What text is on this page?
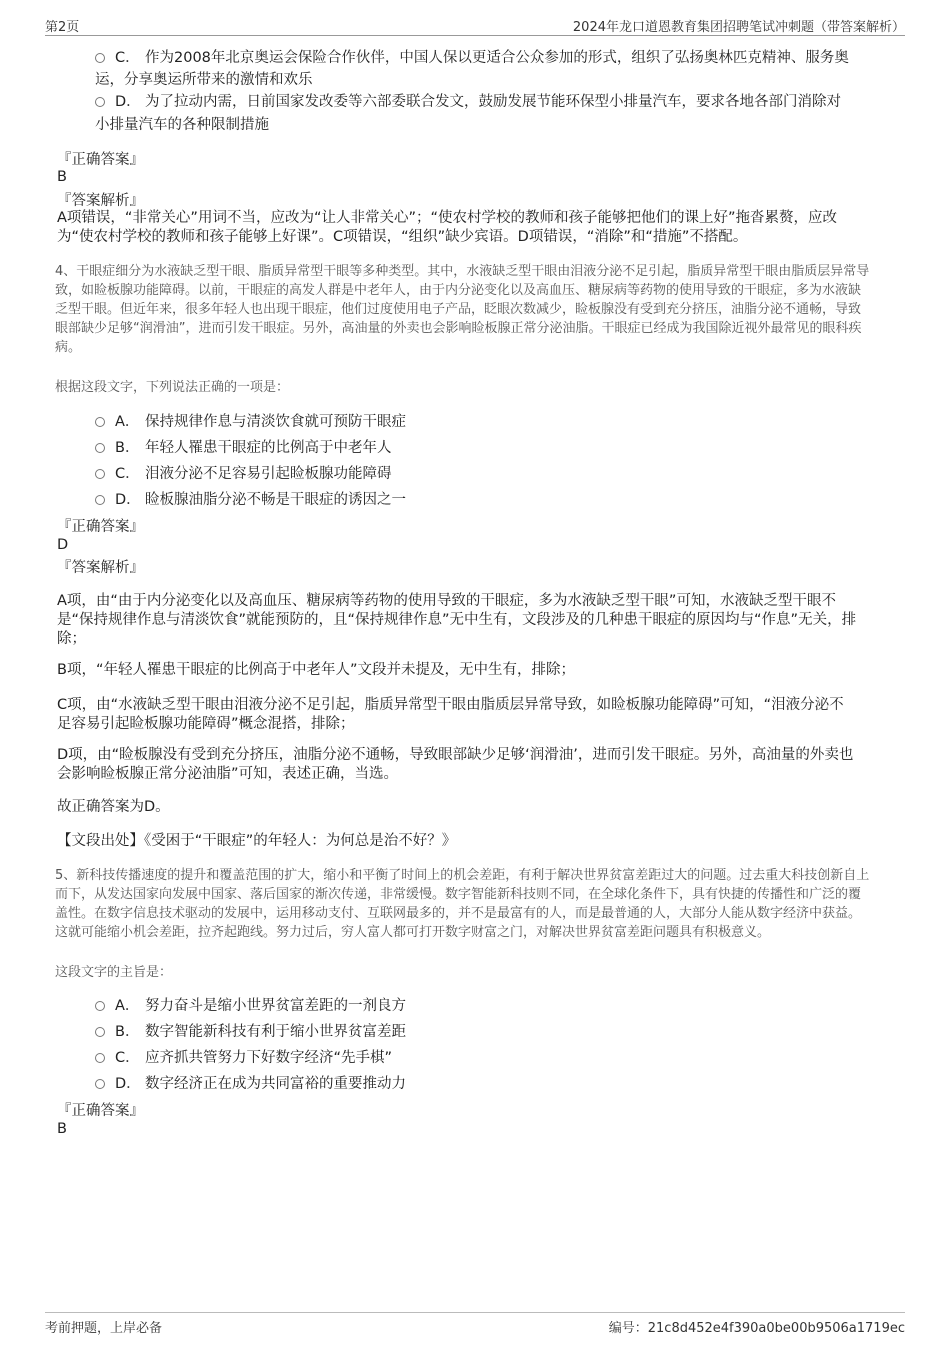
第2页	2024年龙口道恩教育集团招聘笔试冲刺题（带答案解析）
C． 作为2008年北京奥运会保险合作伙伴，中国人保以更适合公众参加的形式，组织了弘扬奥林匹克精神、服务奥
运，分享奥运所带来的激情和欢乐
D． 为了拉动内需，日前国家发改委等六部委联合发文，鼓励发展节能环保型小排量汽车，要求各地各部门消除对
小排量汽车的各种限制措施
『正确答案』
B
『答案解析』
A项错误，“非常关心”用词不当，应改为“让人非常关心”；“使农村学校的教师和孩子能够把他们的课上好”拖沓累赘，应改
为“使农村学校的教师和孩子能够上好课”。C项错误，“组织”缺少宾语。D项错误，“消除”和“措施”不搭配。
4、干眼症细分为水液缺乏型干眼、脂质异常型干眼等多种类型。其中，水液缺乏型干眼由泪液分泌不足引起，脂质异常型干眼由脂质层异常导
致，如睑板腺功能障碍。以前，干眼症的高发人群是中老年人，由于内分泌变化以及高血压、糖尿病等药物的使用导致的干眼症，多为水液缺
乏型干眼。但近年来，很多年轻人也出现干眼症，他们过度使用电子产品，眨眼次数减少，睑板腺没有受到充分挤压，油脂分泌不通畅，导致
眼部缺少足够“润滑油”，进而引发干眼症。另外，高油量的外卖也会影响睑板腺正常分泌油脂。干眼症已经成为我国除近视外最常见的眼科疾
病。
根据这段文字，下列说法正确的一项是：
A． 保持规律作息与清淡饮食就可预防干眼症
B． 年轻人罹患干眼症的比例高于中老年人
C． 泪液分泌不足容易引起睑板腺功能障碍
D． 睑板腺油脂分泌不畅是干眼症的诱因之一
『正确答案』
D
『答案解析』
A项，由“由于内分泌变化以及高血压、糖尿病等药物的使用导致的干眼症，多为水液缺乏型干眼”可知，水液缺乏型干眼不
是“保持规律作息与清淡饮食”就能预防的，且“保持规律作息”无中生有，文段涉及的几种患干眼症的原因均与“作息”无关，排
除；
B项，“年轻人罹患干眼症的比例高于中老年人”文段并未提及，无中生有，排除；
C项，由“水液缺乏型干眼由泪液分泌不足引起，脂质异常型干眼由脂质层异常导致，如睑板腺功能障碍”可知，“泪液分泌不
足容易引起睑板腺功能障碍”概念混搭，排除；
D项，由“睑板腺没有受到充分挤压，油脂分泌不通畅，导致眼部缺少足够‘润滑油’，进而引发干眼症。另外，高油量的外卖也
会影响睑板腺正常分泌油脂”可知，表述正确，当选。
故正确答案为D。
【文段出处】《受困于“干眼症”的年轻人：为何总是治不好？》
5、新科技传播速度的提升和覆盖范围的扩大，缩小和平衡了时间上的机会差距，有利于解决世界贫富差距过大的问题。过去重大科技创新自上
而下，从发达国家向发展中国家、落后国家的渐次传递，非常缓慢。数字智能新科技则不同，在全球化条件下，具有快捷的传播性和广泛的覆
盖性。在数字信息技术驱动的发展中，运用移动支付、互联网最多的，并不是最富有的人，而是最普通的人，大部分人能从数字经济中获益。
这就可能缩小机会差距，拉齐起跑线。努力过后，穷人富人都可打开数字财富之门，对解决世界贫富差距问题具有积极意义。
这段文字的主旨是：
A． 努力奋斗是缩小世界贫富差距的一剂良方
B． 数字智能新科技有利于缩小世界贫富差距
C． 应齐抓共管努力下好数字经济“先手棋”
D． 数字经济正在成为共同富裕的重要推动力
『正确答案』
B
考前押题，上岸必备	编号：21c8d452e4f390a0be00b9506a1719ec
